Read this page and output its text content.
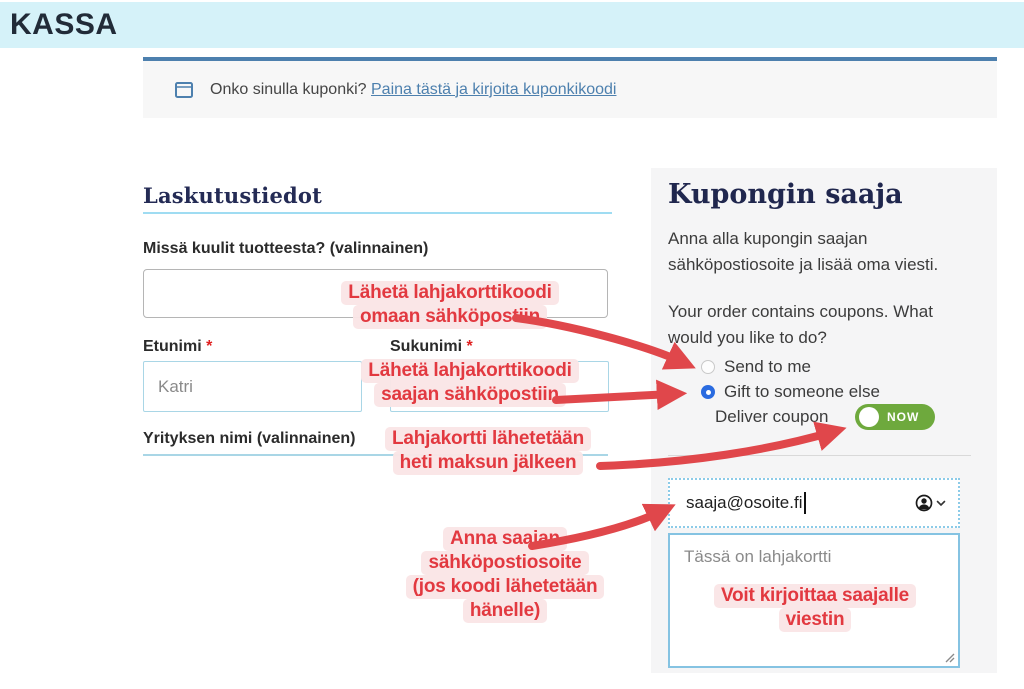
KASSA
Onko sinulla kuponki? Paina tästä ja kirjoita kuponkikoodi
Laskutustiedot
Missä kuulit tuotteesta? (valinnainen)
Etunimi *	Sukunimi *
Katri
Yrityksen nimi (valinnainen)
Kupongin saaja

Anna alla kupongin saajan sähköpostiosoite ja lisää oma viesti.

Your order contains coupons. What would you like to do?

Send to me
Gift to someone else
Deliver coupon	NOW
saaja@osoite.fi
Tässä on lahjakortti
Lähetä lahjakorttikoodi
omaan sähköpostiin
Lähetä lahjakorttikoodi
saajan sähköpostiin
Lahjakortti lähetetään
heti maksun jälkeen
Anna saajan
sähköpostiosoite
(jos koodi lähetetään
hänelle)
Voit kirjoittaa saajalle
viestin
